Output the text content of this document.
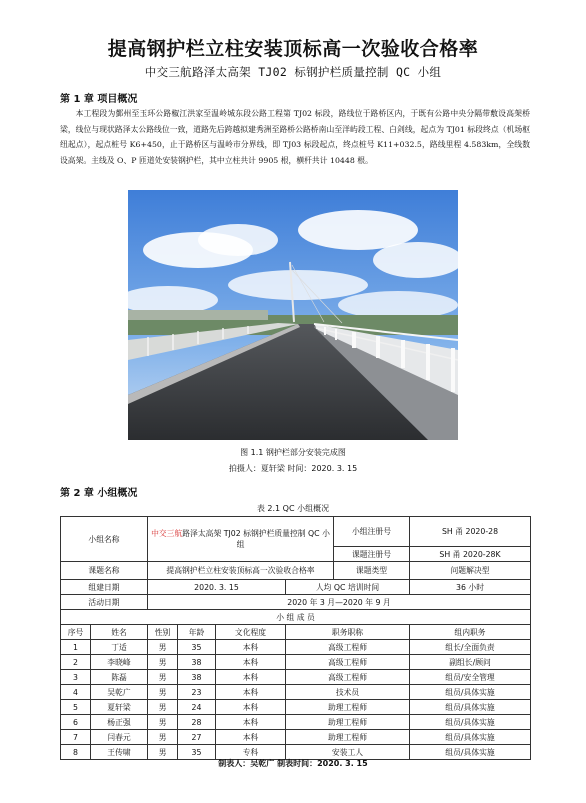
提高钢护栏立柱安装顶标高一次验收合格率
中交三航路泽太高架 TJ02 标钢护栏质量控制 QC 小组
第 1 章 项目概况
本工程段为鄞州至玉环公路椒江洪家至温岭城东段公路工程第 TJ02 标段，路线位于路桥区内，于既有公路中央分隔带敷设高架桥梁，线位与现状路泽太公路线位一致，道路先后跨越拟建秀洲至路桥公路桥南山至洋屿段工程、白剑线，起点为 TJ01 标段终点（机场枢纽起点），起点桩号 K6+450，止于路桥区与温岭市分界线，即 TJ03 标段起点，终点桩号 K11+032.5，路线里程 4.583km，全线数设高架。主线及 O、P 匝道处安装钢护栏，其中立柱共计 9905 根，横杆共计 10448 根。
图 1.1 钢护栏部分安装完成图
拍摄人：夏轩梁 时间：2020. 3. 15
第 2 章 小组概况
表 2.1 QC 小组概况
小组名称		中交三航路泽太高架 TJ02 标钢护栏质量控制 QC 小组				小组注册号	SH 甬 2020-28
						课题注册号	SH 甬 2020-28K
课题名称		提高钢护栏立柱安装顶标高一次验收合格率				课题类型	问题解决型
组建日期		2020. 3. 15			人均 QC 培训时间		36 小时
活动日期		2020 年 3 月—2020 年 9 月					
小 组 成 员							
序号	姓名	性别	年龄	文化程度	职务职称		组内职务
1	丁适	男	35	本科	高级工程师		组长/全面负责
2	李晓峰	男	38	本科	高级工程师		副组长/顾问
3	陈磊	男	38	本科	高级工程师		组员/安全管理
4	吴乾广	男	23	本科	技术员		组员/具体实施
5	夏轩梁	男	24	本科	助理工程师		组员/具体实施
6	杨正强	男	28	本科	助理工程师		组员/具体实施
7	闫春元	男	27	本科	助理工程师		组员/具体实施
8	王传啸	男	35	专科	安装工人		组员/具体实施
制表人：吴乾广 制表时间：2020. 3. 15
